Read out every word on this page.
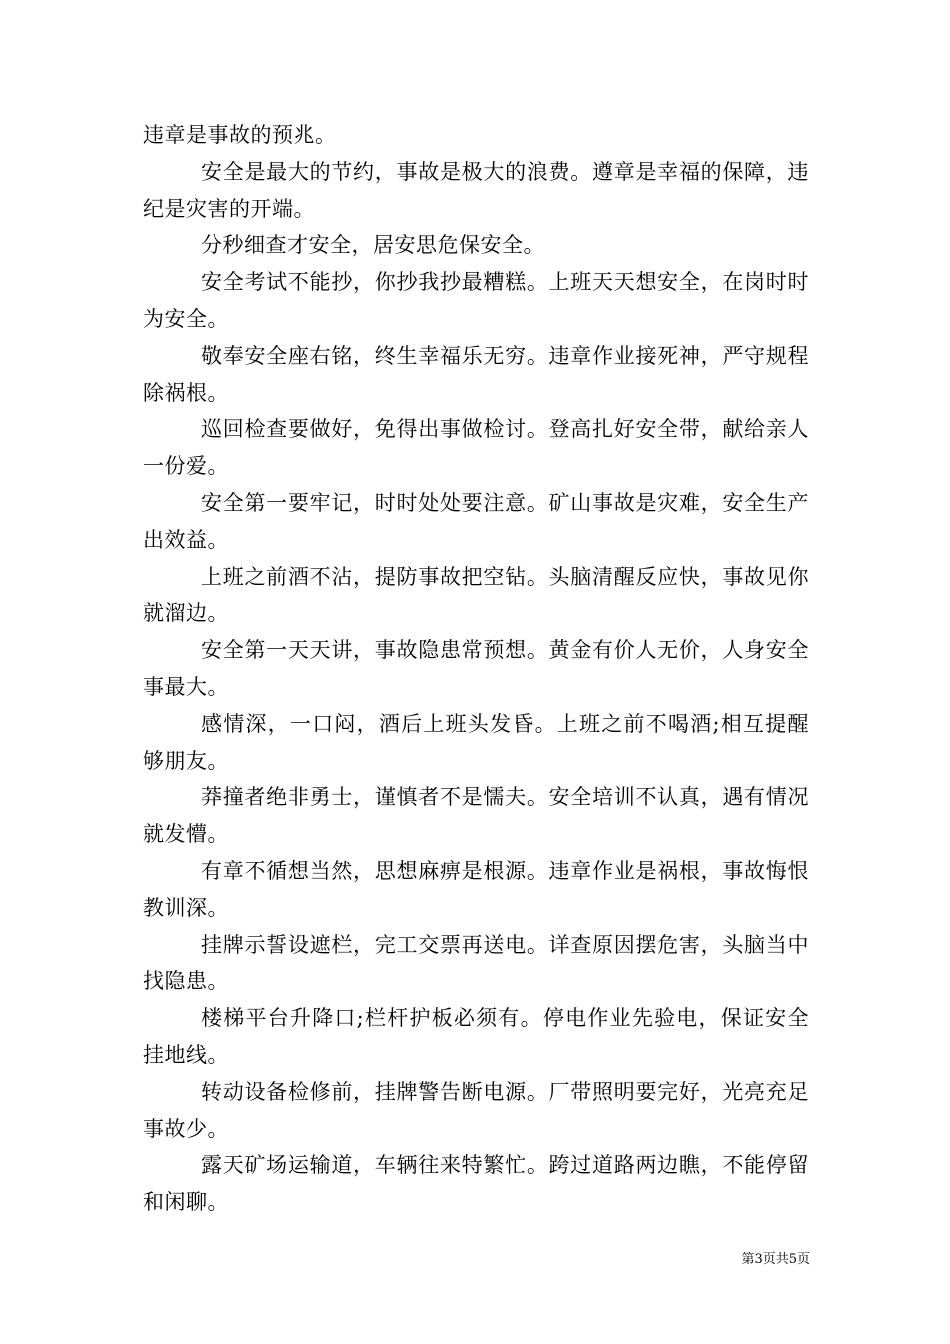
违章是事故的预兆。

安全是最大的节约，事故是极大的浪费。遵章是幸福的保障，违纪是灾害的开端。

分秒细查才安全，居安思危保安全。

安全考试不能抄，你抄我抄最糟糕。上班天天想安全，在岗时时为安全。

敬奉安全座右铭，终生幸福乐无穷。违章作业接死神，严守规程除祸根。

巡回检查要做好，免得出事做检讨。登高扎好安全带，献给亲人一份爱。

安全第一要牢记，时时处处要注意。矿山事故是灾难，安全生产出效益。

上班之前酒不沾，提防事故把空钻。头脑清醒反应快，事故见你就溜边。

安全第一天天讲，事故隐患常预想。黄金有价人无价，人身安全事最大。

感情深，一口闷，酒后上班头发昏。上班之前不喝酒;相互提醒够朋友。

莽撞者绝非勇士，谨慎者不是懦夫。安全培训不认真，遇有情况就发懵。

有章不循想当然，思想麻痹是根源。违章作业是祸根，事故悔恨教训深。

挂牌示誓设遮栏，完工交票再送电。详查原因摆危害，头脑当中找隐患。

楼梯平台升降口;栏杆护板必须有。停电作业先验电，保证安全挂地线。

转动设备检修前，挂牌警告断电源。厂带照明要完好，光亮充足事故少。

露天矿场运输道，车辆往来特繁忙。跨过道路两边瞧，不能停留和闲聊。

第3页共5页
